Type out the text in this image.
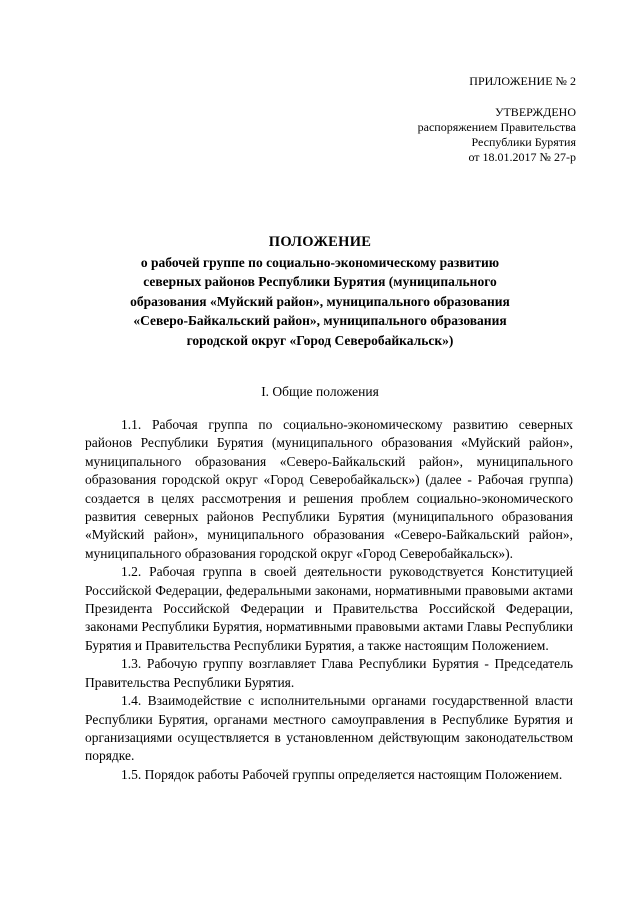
ПРИЛОЖЕНИЕ № 2
УТВЕРЖДЕНО
распоряжением Правительства
Республики Бурятия
от 18.01.2017 № 27-р
ПОЛОЖЕНИЕ
о рабочей группе по социально-экономическому развитию
северных районов Республики Бурятия (муниципального
образования «Муйский район», муниципального образования
«Северо-Байкальский район», муниципального образования
городской округ «Город Северобайкальск»)
I. Общие положения

1.1. Рабочая группа по социально-экономическому развитию северных районов Республики Бурятия (муниципального образования «Муйский район», муниципального образования «Северо-Байкальский район», муниципального образования городской округ «Город Северобайкальск») (далее - Рабочая группа) создается в целях рассмотрения и решения проблем социально-экономического развития северных районов Республики Бурятия (муниципального образования «Муйский район», муниципального образования «Северо-Байкальский район», муниципального образования городской округ «Город Северобайкальск»).

1.2. Рабочая группа в своей деятельности руководствуется Конституцией Российской Федерации, федеральными законами, нормативными правовыми актами Президента Российской Федерации и Правительства Российской Федерации, законами Республики Бурятия, нормативными правовыми актами Главы Республики Бурятия и Правительства Республики Бурятия, а также настоящим Положением.

1.3. Рабочую группу возглавляет Глава Республики Бурятия - Председатель Правительства Республики Бурятия.

1.4. Взаимодействие с исполнительными органами государственной власти Республики Бурятия, органами местного самоуправления в Республике Бурятия и организациями осуществляется в установленном действующим законодательством порядке.

1.5. Порядок работы Рабочей группы определяется настоящим Положением.
